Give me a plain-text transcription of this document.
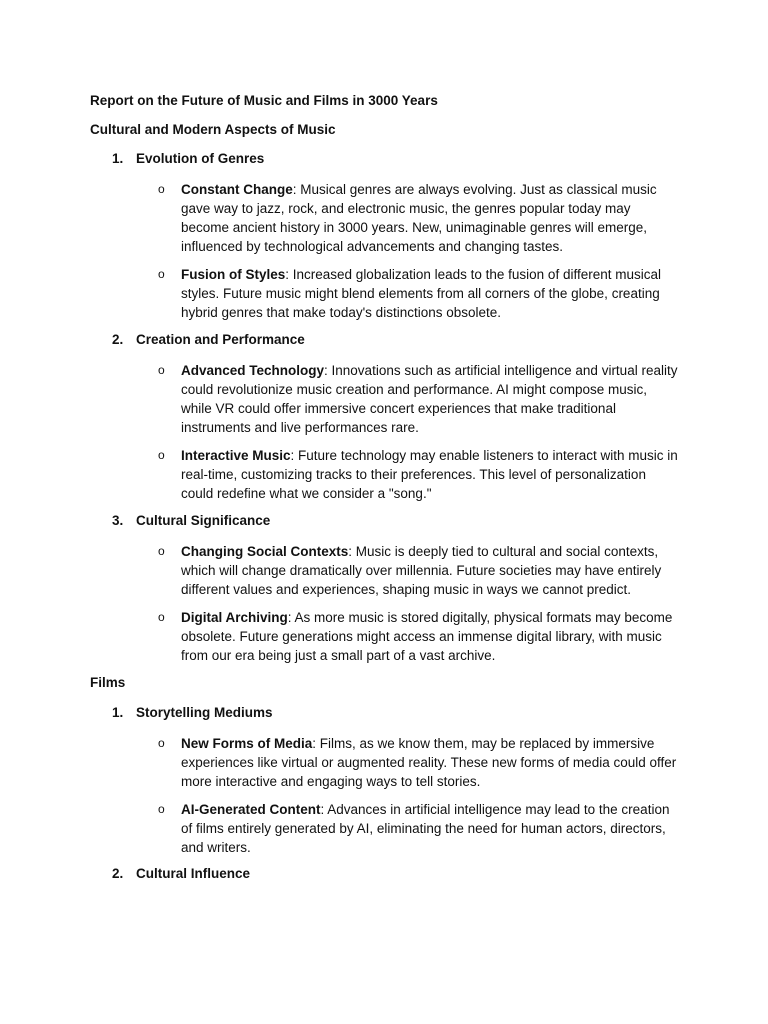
Report on the Future of Music and Films in 3000 Years
Cultural and Modern Aspects of Music
1. Evolution of Genres
o Constant Change: Musical genres are always evolving. Just as classical music gave way to jazz, rock, and electronic music, the genres popular today may become ancient history in 3000 years. New, unimaginable genres will emerge, influenced by technological advancements and changing tastes.
o Fusion of Styles: Increased globalization leads to the fusion of different musical styles. Future music might blend elements from all corners of the globe, creating hybrid genres that make today's distinctions obsolete.
2. Creation and Performance
o Advanced Technology: Innovations such as artificial intelligence and virtual reality could revolutionize music creation and performance. AI might compose music, while VR could offer immersive concert experiences that make traditional instruments and live performances rare.
o Interactive Music: Future technology may enable listeners to interact with music in real-time, customizing tracks to their preferences. This level of personalization could redefine what we consider a "song."
3. Cultural Significance
o Changing Social Contexts: Music is deeply tied to cultural and social contexts, which will change dramatically over millennia. Future societies may have entirely different values and experiences, shaping music in ways we cannot predict.
o Digital Archiving: As more music is stored digitally, physical formats may become obsolete. Future generations might access an immense digital library, with music from our era being just a small part of a vast archive.
Films
1. Storytelling Mediums
o New Forms of Media: Films, as we know them, may be replaced by immersive experiences like virtual or augmented reality. These new forms of media could offer more interactive and engaging ways to tell stories.
o AI-Generated Content: Advances in artificial intelligence may lead to the creation of films entirely generated by AI, eliminating the need for human actors, directors, and writers.
2. Cultural Influence
